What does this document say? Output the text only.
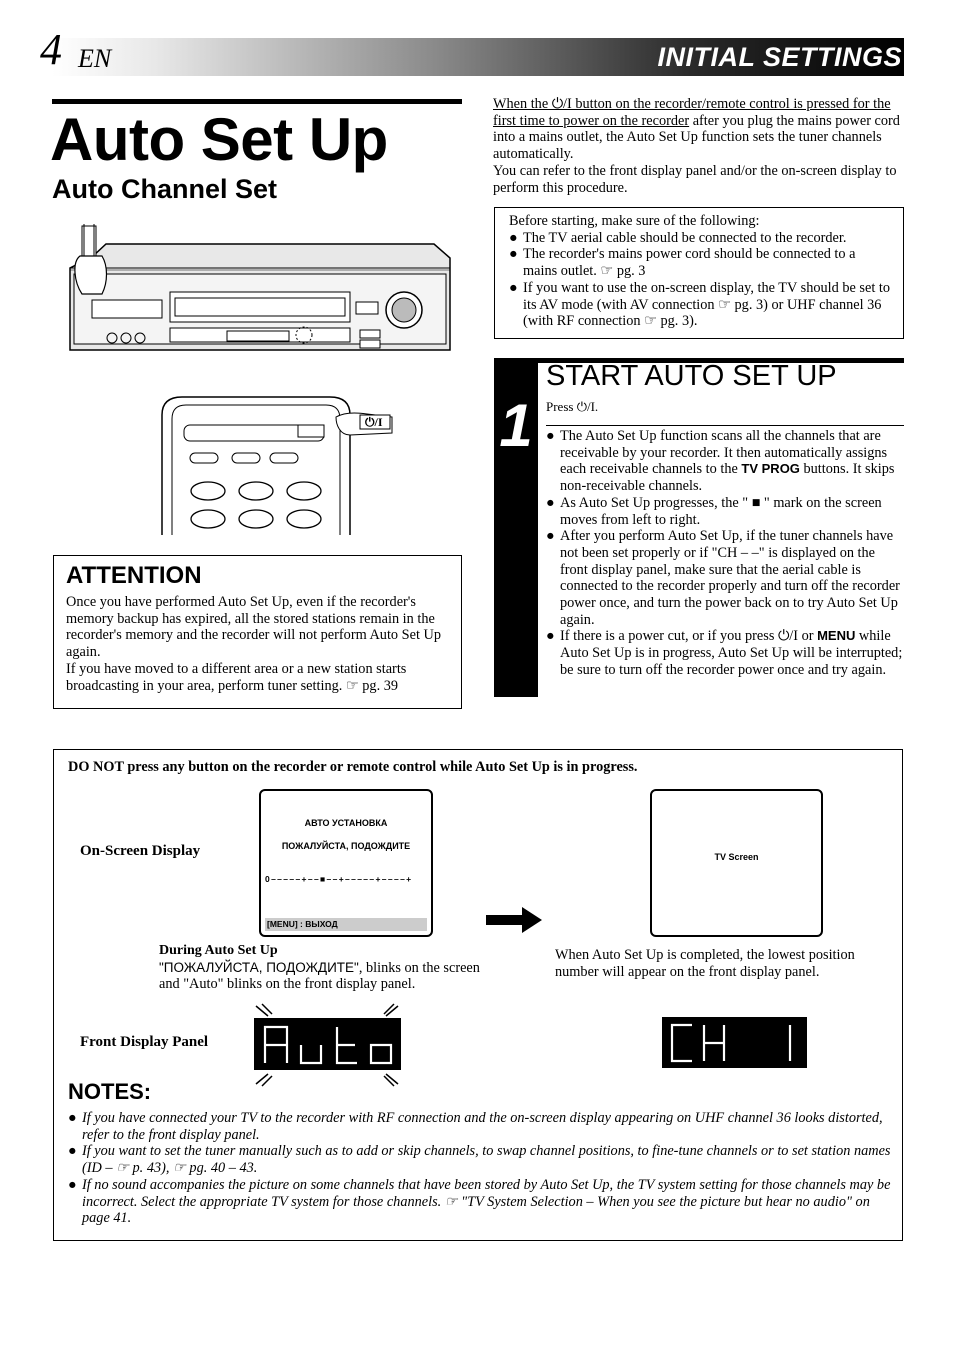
4 EN	INITIAL SETTINGS
Auto Set Up
Auto Channel Set
When the ⏻/I button on the recorder/remote control is pressed for the first time to power on the recorder after you plug the mains power cord into a mains outlet, the Auto Set Up function sets the tuner channels automatically.
You can refer to the front display panel and/or the on-screen display to perform this procedure.
Before starting, make sure of the following:
● The TV aerial cable should be connected to the recorder.
● The recorder's mains power cord should be connected to a mains outlet. ☞ pg. 3
● If you want to use the on-screen display, the TV should be set to its AV mode (with AV connection ☞ pg. 3) or UHF channel 36 (with RF connection ☞ pg. 3).
⏻/I
ATTENTION
Once you have performed Auto Set Up, even if the recorder's memory backup has expired, all the stored stations remain in the recorder's memory and the recorder will not perform Auto Set Up again.
If you have moved to a different area or a new station starts broadcasting in your area, perform tuner setting. ☞ pg. 39
1
START AUTO SET UP
Press ⏻/I.
● The Auto Set Up function scans all the channels that are receivable by your recorder. It then automatically assigns each receivable channels to the TV PROG buttons. It skips non-receivable channels.
● As Auto Set Up progresses, the " ■ " mark on the screen moves from left to right.
● After you perform Auto Set Up, if the tuner channels have not been set properly or if "CH – –" is displayed on the front display panel, make sure that the aerial cable is connected to the recorder properly and turn off the recorder power once, and turn the power back on to try Auto Set Up again.
● If there is a power cut, or if you press ⏻/I or MENU while Auto Set Up is in progress, Auto Set Up will be interrupted; be sure to turn off the recorder power once and try again.
DO NOT press any button on the recorder or remote control while Auto Set Up is in progress.
On-Screen Display
Front Display Panel
АВТО УСТАНОВКА
ПОЖАЛУЙСТА, ПОДОЖДИТЕ
0 – – – – – + – – ■ – – + – – – – – + – – – – +
[MENU] : ВЫХОД
TV Screen
During Auto Set Up
"ПОЖАЛУЙСТА, ПОДОЖДИТЕ", blinks on the screen and "Auto" blinks on the front display panel.
When Auto Set Up is completed, the lowest position number will appear on the front display panel.
NOTES:
● If you have connected your TV to the recorder with RF connection and the on-screen display appearing on UHF channel 36 looks distorted, refer to the front display panel.
● If you want to set the tuner manually such as to add or skip channels, to swap channel positions, to fine-tune channels or to set station names (ID – ☞ p. 43), ☞ pg. 40 – 43.
● If no sound accompanies the picture on some channels that have been stored by Auto Set Up, the TV system setting for those channels may be incorrect. Select the appropriate TV system for those channels. ☞ "TV System Selection – When you see the picture but hear no audio" on page 41.
